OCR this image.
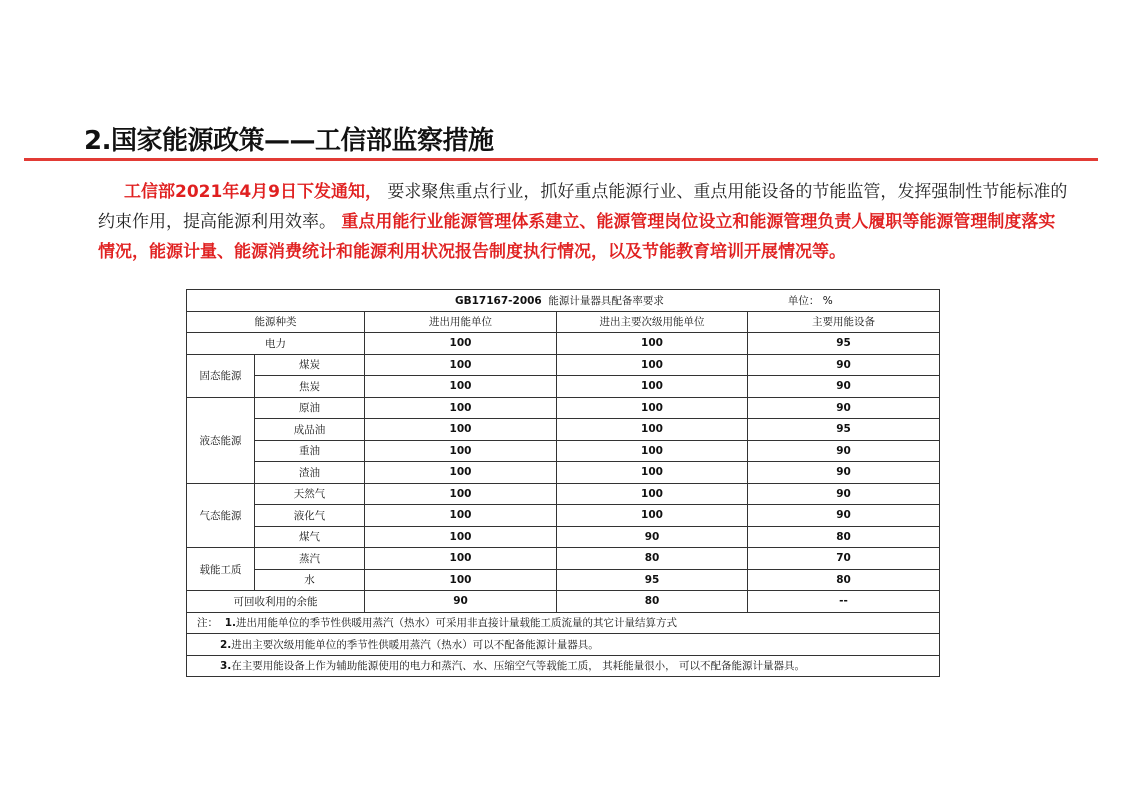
2.国家能源政策——工信部监察措施
工信部2021年4月9日下发通知， 要求聚焦重点行业，抓好重点能源行业、重点用能设备的节能监管，发挥强制性节能标准的约束作用，提高能源利用效率。 重点用能行业能源管理体系建立、能源管理岗位设立和能源管理负责人履职等能源管理制度落实情况，能源计量、能源消费统计和能源利用状况报告制度执行情况，以及节能教育培训开展情况等。
GB17167-2006 能源计量器具配备率要求 单位： %				
能源种类		进出用能单位	进出主要次级用能单位	主要用能设备
电力		100	100	95
固态能源	煤炭	100	100	90
	焦炭	100	100	90
液态能源	原油	100	100	90
	成品油	100	100	95
	重油	100	100	90
	渣油	100	100	90
气态能源	天然气	100	100	90
	液化气	100	100	90
	煤气	100	90	80
载能工质	蒸汽	100	80	70
	水	100	95	80
可回收利用的余能		90	80	--
注： 1.进出用能单位的季节性供暖用蒸汽（热水）可采用非直接计量载能工质流量的其它计量结算方式				
2.进出主要次级用能单位的季节性供暖用蒸汽（热水）可以不配备能源计量器具。				
3.在主要用能设备上作为辅助能源使用的电力和蒸汽、水、压缩空气等载能工质， 其耗能量很小， 可以不配备能源计量器具。				
